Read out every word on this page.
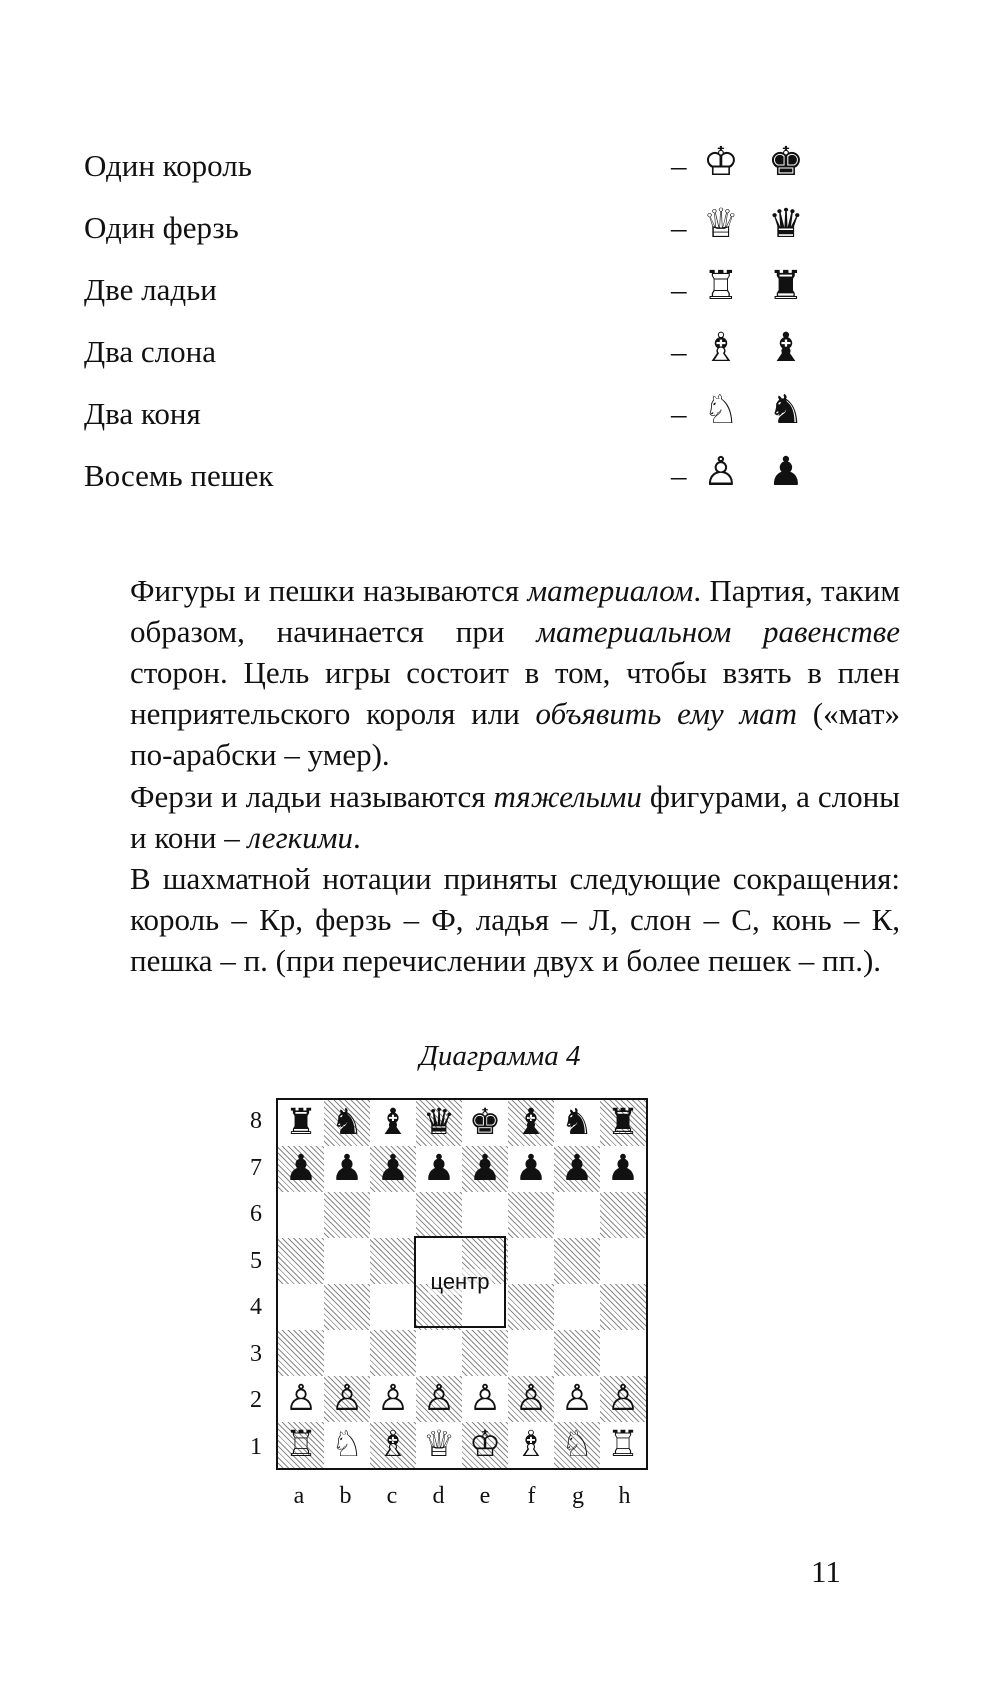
Один король	– ♔ ♚
Один ферзь	– ♕ ♛
Две ладьи	– ♖ ♜
Два слона	– ♗ ♝
Два коня	– ♘ ♞
Восемь пешек	– ♙ ♟

Фигуры и пешки называются материалом. Партия, таким образом, начинается при материальном равенстве сторон. Цель игры состоит в том, чтобы взять в плен неприятельского короля или объявить ему мат («мат» по-арабски – умер).

Ферзи и ладьи называются тяжелыми фигурами, а слоны и кони – легкими.

В шахматной нотации приняты следующие сокращения: король – Кр, ферзь – Ф, ладья – Л, слон – С, конь – К, пешка – п. (при перечислении двух и более пешек – пп.).

Диаграмма 4
8
7
6
5
4
3
2
1
♜ ♞ ♝ ♛ ♚ ♝ ♞ ♜
♟ ♟ ♟ ♟ ♟ ♟ ♟ ♟
♙ ♙ ♙ ♙ ♙ ♙ ♙ ♙
♖ ♘ ♗ ♕ ♔ ♗ ♘ ♖
центр
a	b	c	d	e	f	g	h
11
